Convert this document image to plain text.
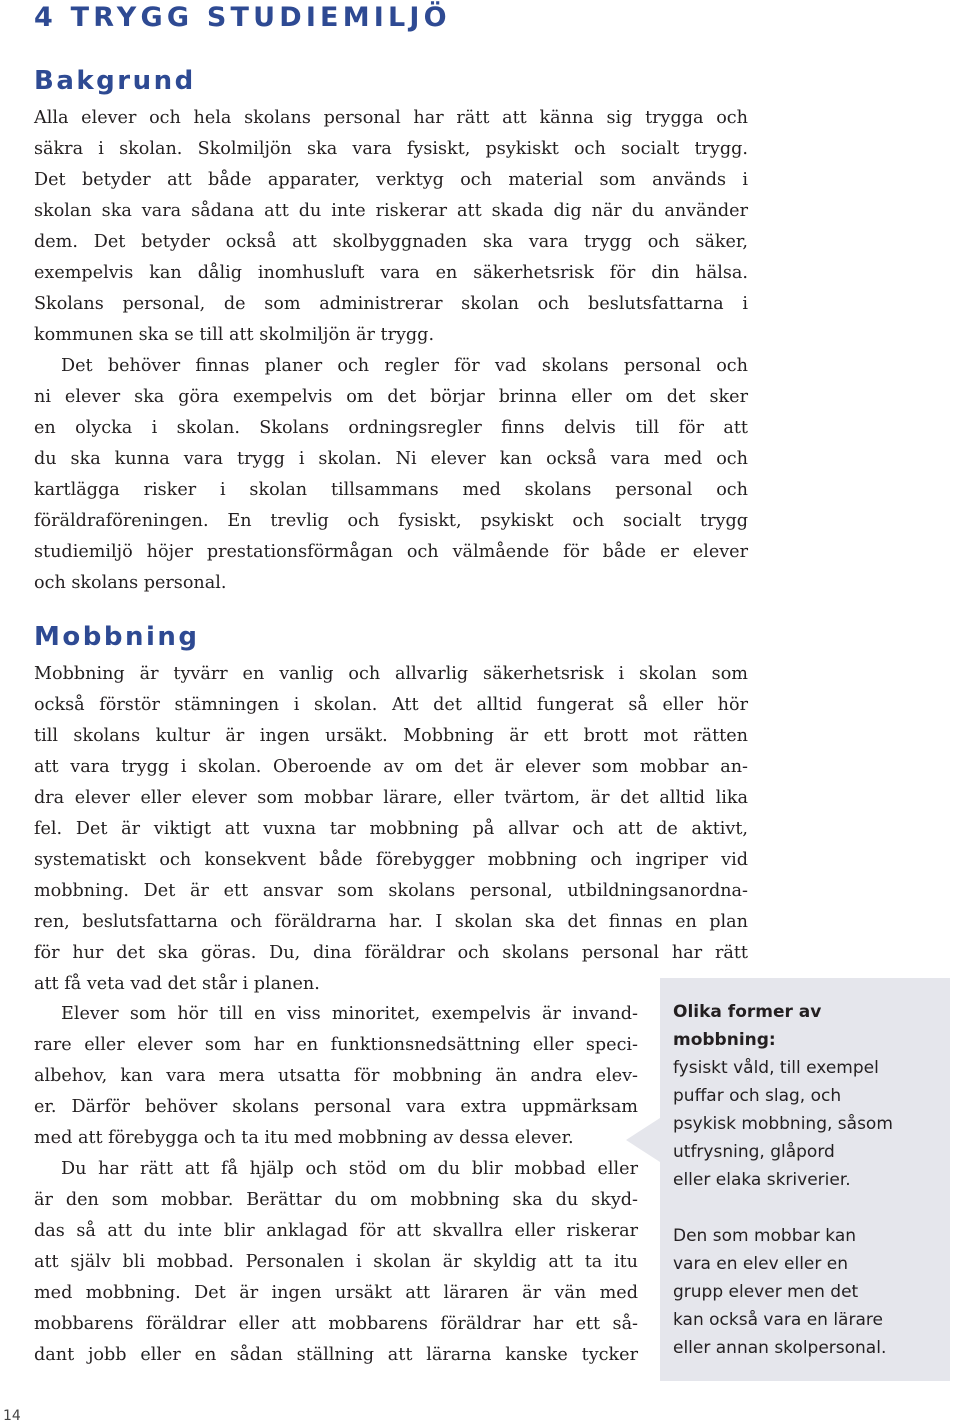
4 TRYGG STUDIEMILJÖ
Bakgrund

Alla elever och hela skolans personal har rätt att känna sig trygga och
säkra i skolan. Skolmiljön ska vara fysiskt, psykiskt och socialt trygg.
Det betyder att både apparater, verktyg och material som används i
skolan ska vara sådana att du inte riskerar att skada dig när du använder
dem. Det betyder också att skolbyggnaden ska vara trygg och säker,
exempelvis kan dålig inomhusluft vara en säkerhetsrisk för din hälsa.
Skolans personal, de som administrerar skolan och beslutsfattarna i
kommunen ska se till att skolmiljön är trygg.

Det behöver finnas planer och regler för vad skolans personal och
ni elever ska göra exempelvis om det börjar brinna eller om det sker
en olycka i skolan. Skolans ordningsregler finns delvis till för att
du ska kunna vara trygg i skolan. Ni elever kan också vara med och
kartlägga risker i skolan tillsammans med skolans personal och
föräldraföreningen. En trevlig och fysiskt, psykiskt och socialt trygg
studiemiljö höjer prestationsförmågan och välmående för både er elever
och skolans personal.

Mobbning

Mobbning är tyvärr en vanlig och allvarlig säkerhetsrisk i skolan som
också förstör stämningen i skolan. Att det alltid fungerat så eller hör
till skolans kultur är ingen ursäkt. Mobbning är ett brott mot rätten
att vara trygg i skolan. Oberoende av om det är elever som mobbar an-
dra elever eller elever som mobbar lärare, eller tvärtom, är det alltid lika
fel. Det är viktigt att vuxna tar mobbning på allvar och att de aktivt,
systematiskt och konsekvent både förebygger mobbning och ingriper vid
mobbning. Det är ett ansvar som skolans personal, utbildningsanordna-
ren, beslutsfattarna och föräldrarna har. I skolan ska det finnas en plan
för hur det ska göras. Du, dina föräldrar och skolans personal har rätt
att få veta vad det står i planen.

Elever som hör till en viss minoritet, exempelvis är invand-
rare eller elever som har en funktionsnedsättning eller speci-
albehov, kan vara mera utsatta för mobbning än andra elev-
er. Därför behöver skolans personal vara extra uppmärksam
med att förebygga och ta itu med mobbning av dessa elever.

Du har rätt att få hjälp och stöd om du blir mobbad eller
är den som mobbar. Berättar du om mobbning ska du skyd-
das så att du inte blir anklagad för att skvallra eller riskerar
att själv bli mobbad. Personalen i skolan är skyldig att ta itu
med mobbning. Det är ingen ursäkt att läraren är vän med
mobbarens föräldrar eller att mobbarens föräldrar har ett så-
dant jobb eller en sådan ställning att lärarna kanske tycker

Olika former av
mobbning:
fysiskt våld, till exempel
puffar och slag, och
psykisk mobbning, såsom
utfrysning, glåpord
eller elaka skriverier.
Den som mobbar kan
vara en elev eller en
grupp elever men det
kan också vara en lärare
eller annan skolpersonal.
14
